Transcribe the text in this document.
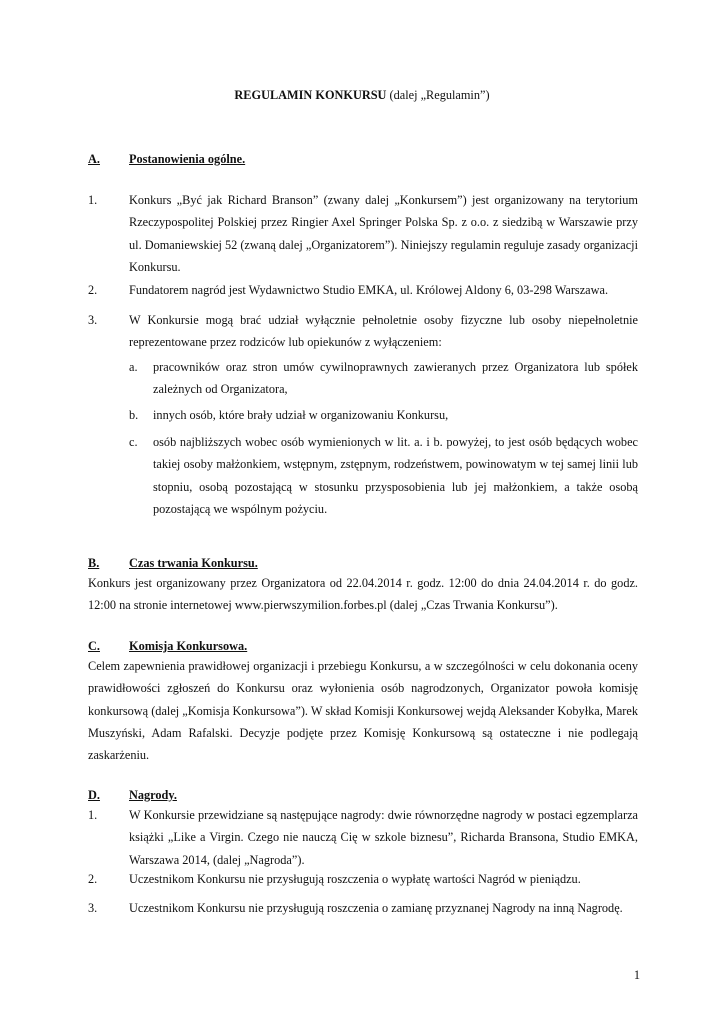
REGULAMIN KONKURSU (dalej „Regulamin”)
A. Postanowienia ogólne.
1.	Konkurs „Być jak Richard Branson” (zwany dalej „Konkursem”) jest organizowany na terytorium
Rzeczypospolitej Polskiej przez Ringier Axel Springer Polska Sp. z o.o. z siedzibą w Warszawie przy
ul. Domaniewskiej 52 (zwaną dalej „Organizatorem”). Niniejszy regulamin reguluje zasady organizacji
Konkursu.
2.	Fundatorem nagród jest Wydawnictwo Studio EMKA, ul. Królowej Aldony 6, 03-298 Warszawa.
3.	W Konkursie mogą brać udział wyłącznie pełnoletnie osoby fizyczne lub osoby niepełnoletnie
reprezentowane przez rodziców lub opiekunów z wyłączeniem:
a. pracowników oraz stron umów cywilnoprawnych zawieranych przez Organizatora lub spółek
zależnych od Organizatora,
b. innych osób, które brały udział w organizowaniu Konkursu,
c. osób najbliższych wobec osób wymienionych w lit. a. i b. powyżej, to jest osób będących wobec
takiej osoby małżonkiem, wstępnym, zstępnym, rodzeństwem, powinowatym w tej samej linii lub
stopniu, osobą pozostającą w stosunku przysposobienia lub jej małżonkiem, a także osobą
pozostającą we wspólnym pożyciu.
B. Czas trwania Konkursu.
Konkurs jest organizowany przez Organizatora od 22.04.2014 r. godz. 12:00 do dnia 24.04.2014 r. do godz.
12:00 na stronie internetowej www.pierwszymilion.forbes.pl (dalej „Czas Trwania Konkursu”).
C. Komisja Konkursowa.
Celem zapewnienia prawidłowej organizacji i przebiegu Konkursu, a w szczególności w celu dokonania oceny
prawidłowości zgłoszeń do Konkursu oraz wyłonienia osób nagrodzonych, Organizator powoła komisję
konkursową (dalej „Komisja Konkursowa”). W skład Komisji Konkursowej wejdą Aleksander Kobyłka, Marek
Muszyński, Adam Rafalski. Decyzje podjęte przez Komisję Konkursową są ostateczne i nie podlegają
zaskarżeniu.
D. Nagrody.
1.	W Konkursie przewidziane są następujące nagrody: dwie równorzędne nagrody w postaci egzemplarza
książki „Like a Virgin. Czego nie nauczą Cię w szkole biznesu”, Richarda Bransona, Studio EMKA,
Warszawa 2014, (dalej „Nagroda”).
2.	Uczestnikom Konkursu nie przysługują roszczenia o wypłatę wartości Nagród w pieniądzu.
3.	Uczestnikom Konkursu nie przysługują roszczenia o zamianę przyznanej Nagrody na inną Nagrodę.
1
